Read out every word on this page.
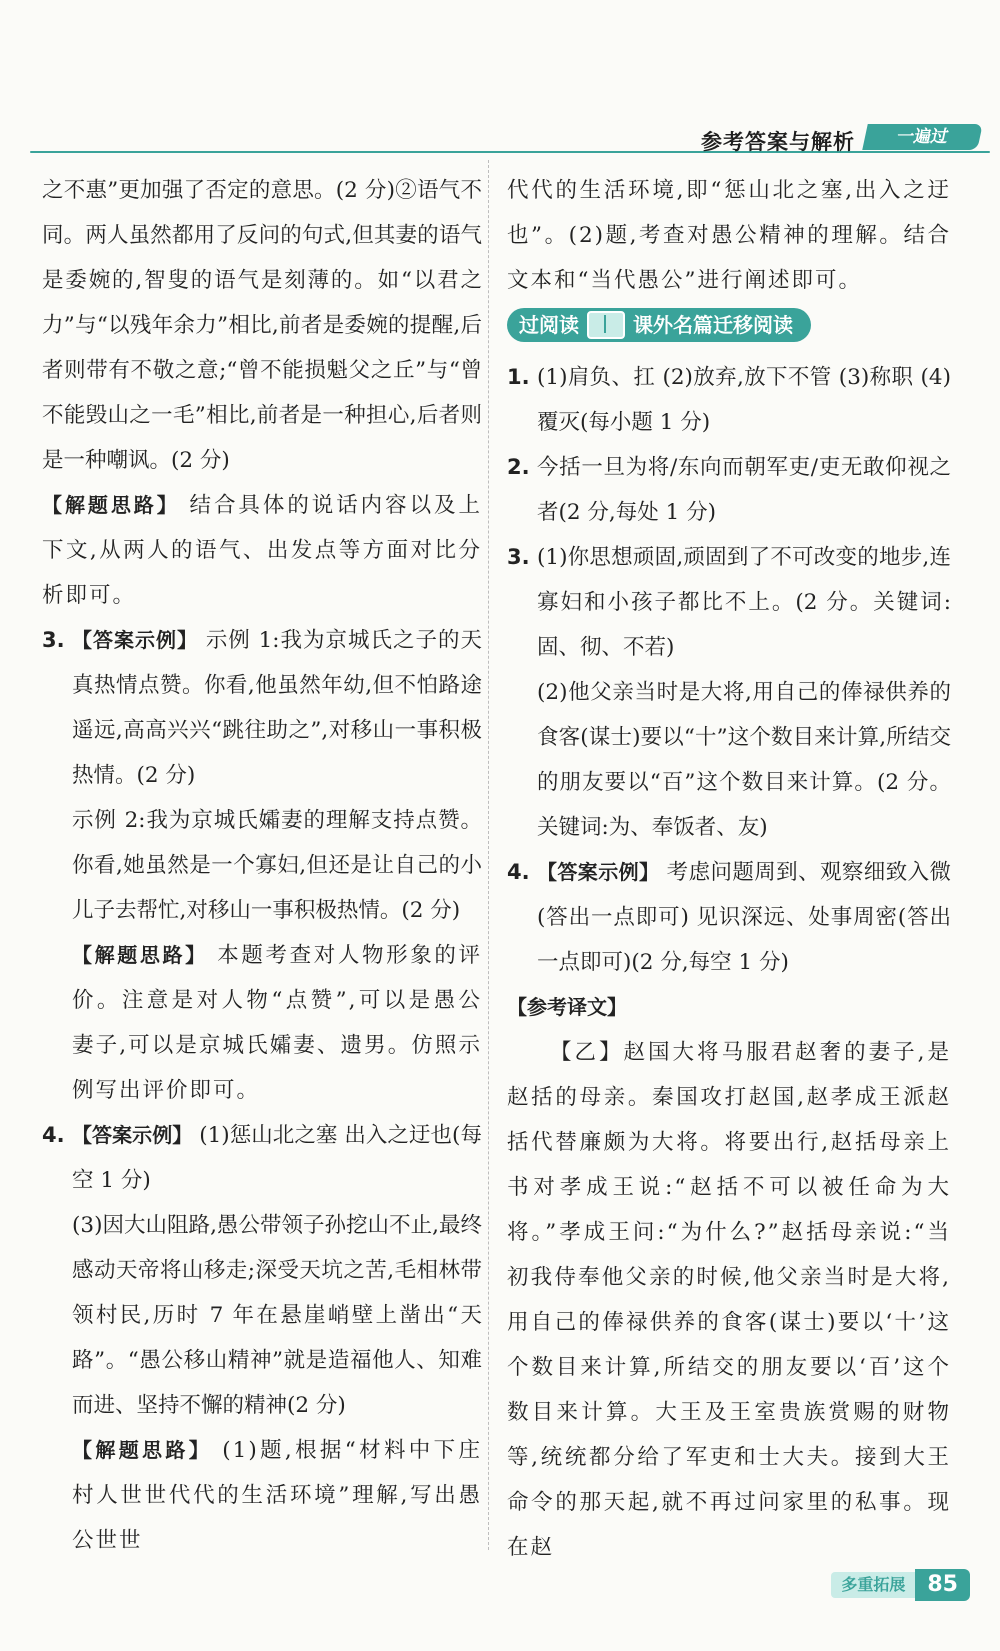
参考答案与解析	一遍过

之不惠”更加强了否定的意思。(2 分)②语气不同。两人虽然都用了反问的句式,但其妻的语气是委婉的,智叟的语气是刻薄的。如“以君之力”与“以残年余力”相比,前者是委婉的提醒,后者则带有不敬之意;“曾不能损魁父之丘”与“曾不能毁山之一毛”相比,前者是一种担心,后者则是一种嘲讽。(2 分)

【解题思路】 结合具体的说话内容以及上下文,从两人的语气、出发点等方面对比分析即可。

3. 【答案示例】 示例 1:我为京城氏之子的天真热情点赞。你看,他虽然年幼,但不怕路途遥远,高高兴兴“跳往助之”,对移山一事积极热情。(2 分)

示例 2:我为京城氏孀妻的理解支持点赞。你看,她虽然是一个寡妇,但还是让自己的小儿子去帮忙,对移山一事积极热情。(2 分)

【解题思路】 本题考查对人物形象的评价。注意是对人物“点赞”,可以是愚公妻子,可以是京城氏孀妻、遗男。仿照示例写出评价即可。

4. 【答案示例】 (1)惩山北之塞 出入之迂也(每空 1 分)

(3)因大山阻路,愚公带领子孙挖山不止,最终感动天帝将山移走;深受天坑之苦,毛相林带领村民,历时 7 年在悬崖峭壁上凿出“天路”。“愚公移山精神”就是造福他人、知难而进、坚持不懈的精神(2 分)

【解题思路】 (1)题,根据“材料中下庄村人世世代代的生活环境”理解,写出愚公世世

代代的生活环境,即“惩山北之塞,出入之迂也”。(2)题,考查对愚公精神的理解。结合文本和“当代愚公”进行阐述即可。

过阅读	课外名篇迁移阅读
1. (1)肩负、扛 (2)放弃,放下不管 (3)称职 (4)覆灭(每小题 1 分)

2. 今括一旦为将/东向而朝军吏/吏无敢仰视之者(2 分,每处 1 分)

3. (1)你思想顽固,顽固到了不可改变的地步,连寡妇和小孩子都比不上。(2 分。关键词:固、彻、不若)

(2)他父亲当时是大将,用自己的俸禄供养的食客(谋士)要以“十”这个数目来计算,所结交的朋友要以“百”这个数目来计算。(2 分。关键词:为、奉饭者、友)

4. 【答案示例】 考虑问题周到、观察细致入微(答出一点即可) 见识深远、处事周密(答出一点即可)(2 分,每空 1 分)

【参考译文】

【乙】赵国大将马服君赵奢的妻子,是赵括的母亲。秦国攻打赵国,赵孝成王派赵括代替廉颇为大将。将要出行,赵括母亲上书对孝成王说:“赵括不可以被任命为大将。”孝成王问:“为什么?”赵括母亲说:“当初我侍奉他父亲的时候,他父亲当时是大将,用自己的俸禄供养的食客(谋士)要以‘十’这个数目来计算,所结交的朋友要以‘百’这个数目来计算。大王及王室贵族赏赐的财物等,统统都分给了军吏和士大夫。接到大王命令的那天起,就不再过问家里的私事。现在赵

多重拓展	85
